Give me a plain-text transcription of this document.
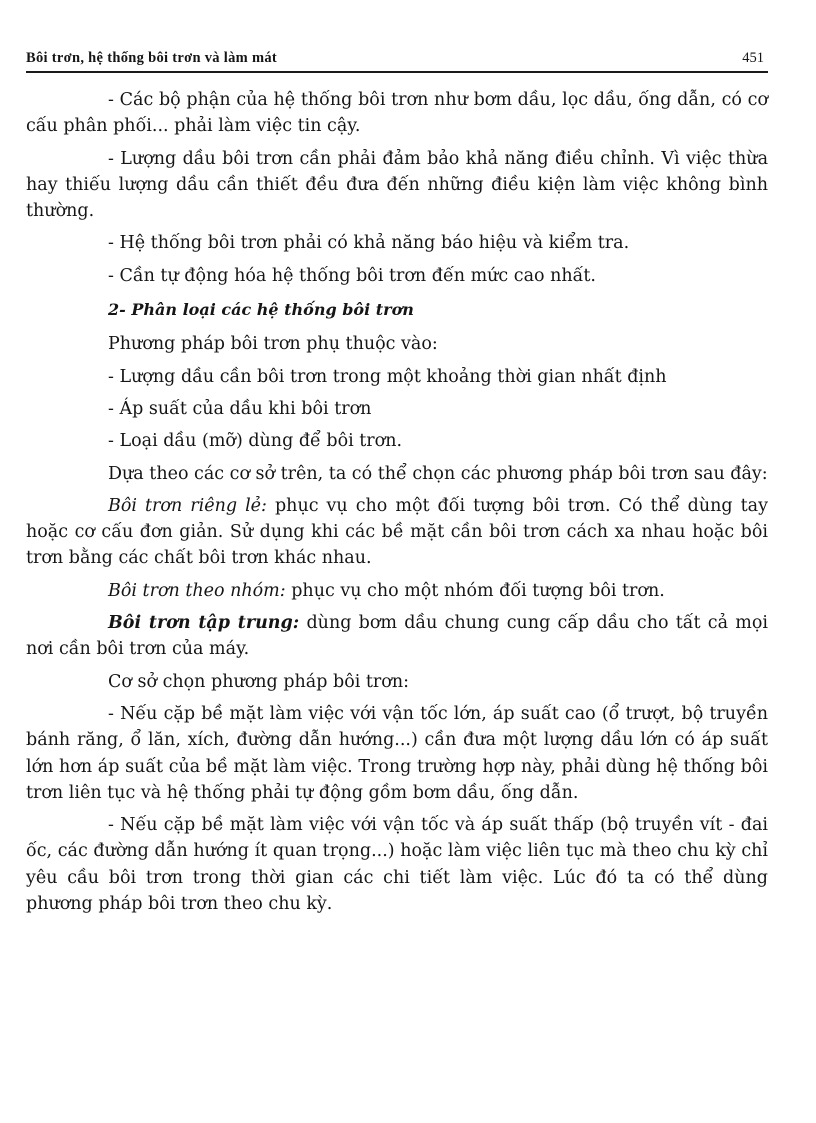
Bôi trơn, hệ thống bôi trơn và làm mát	451

- Các bộ phận của hệ thống bôi trơn như bơm dầu, lọc dầu, ống dẫn, có cơ cấu phân phối... phải làm việc tin cậy.

- Lượng dầu bôi trơn cần phải đảm bảo khả năng điều chỉnh. Vì việc thừa hay thiếu lượng dầu cần thiết đều đưa đến những điều kiện làm việc không bình thường.

- Hệ thống bôi trơn phải có khả năng báo hiệu và kiểm tra.

- Cần tự động hóa hệ thống bôi trơn đến mức cao nhất.

2- Phân loại các hệ thống bôi trơn

Phương pháp bôi trơn phụ thuộc vào:

- Lượng dầu cần bôi trơn trong một khoảng thời gian nhất định

- Áp suất của dầu khi bôi trơn

- Loại dầu (mỡ) dùng để bôi trơn.

Dựa theo các cơ sở trên, ta có thể chọn các phương pháp bôi trơn sau đây:

Bôi trơn riêng lẻ: phục vụ cho một đối tượng bôi trơn. Có thể dùng tay hoặc cơ cấu đơn giản. Sử dụng khi các bề mặt cần bôi trơn cách xa nhau hoặc bôi trơn bằng các chất bôi trơn khác nhau.

Bôi trơn theo nhóm: phục vụ cho một nhóm đối tượng bôi trơn.

Bôi trơn tập trung: dùng bơm dầu chung cung cấp dầu cho tất cả mọi nơi cần bôi trơn của máy.

Cơ sở chọn phương pháp bôi trơn:

- Nếu cặp bề mặt làm việc với vận tốc lớn, áp suất cao (ổ trượt, bộ truyền bánh răng, ổ lăn, xích, đường dẫn hướng...) cần đưa một lượng dầu lớn có áp suất lớn hơn áp suất của bề mặt làm việc. Trong trường hợp này, phải dùng hệ thống bôi trơn liên tục và hệ thống phải tự động gồm bơm dầu, ống dẫn.

- Nếu cặp bề mặt làm việc với vận tốc và áp suất thấp (bộ truyền vít - đai ốc, các đường dẫn hướng ít quan trọng...) hoặc làm việc liên tục mà theo chu kỳ chỉ yêu cầu bôi trơn trong thời gian các chi tiết làm việc. Lúc đó ta có thể dùng phương pháp bôi trơn theo chu kỳ.
